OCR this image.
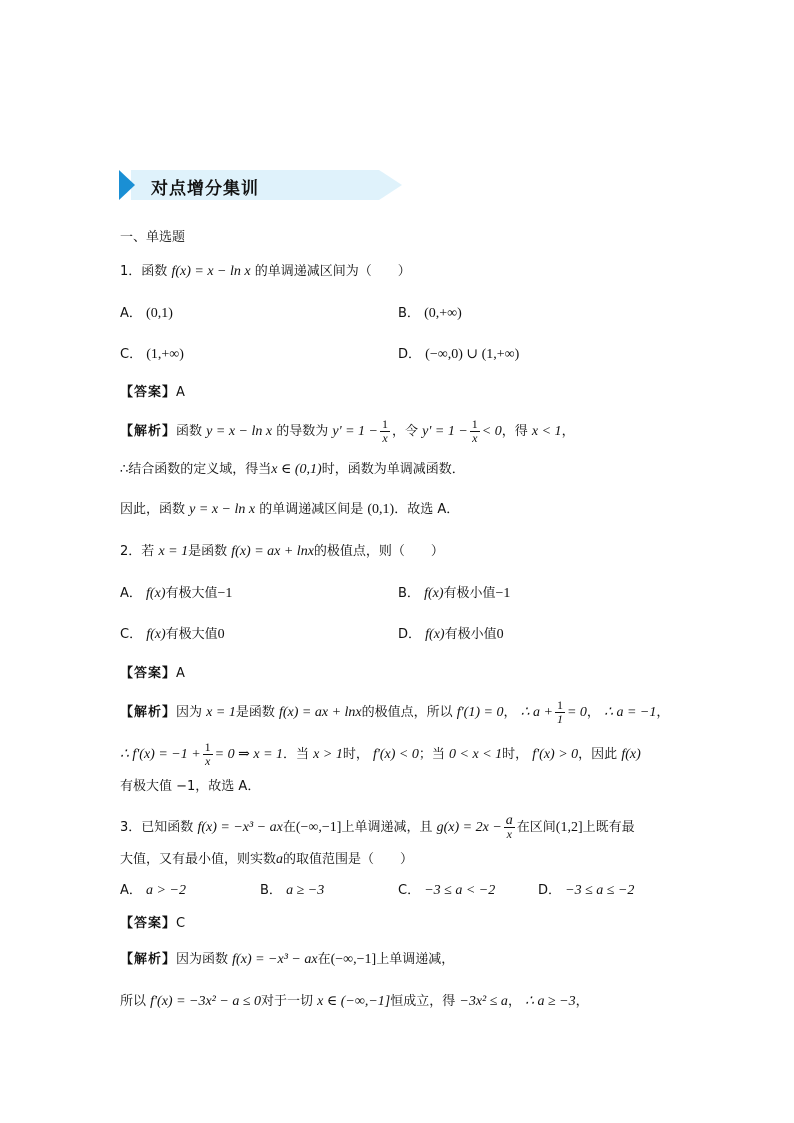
对点增分集训
一、单选题
1．函数 f(x) = x − ln x 的单调递减区间为（　　）
A． (0,1)	B． (0,+∞)
C． (1,+∞)	D． (−∞,0) ∪ (1,+∞)
【答案】A
【解析】函数 y = x − ln x 的导数为 $y' = 1 - \frac{1}{x}$ ，令 $y' = 1 - \frac{1}{x} < 0$，得 x < 1，
∴结合函数的定义域，得当x ∈ (0,1)时，函数为单调减函数．
因此，函数 y = x − ln x 的单调递减区间是 (0,1)．故选 A．
2．若 x = 1是函数 f(x) = ax + lnx的极值点，则（　　）
A． f(x)有极大值−1	B． f(x)有极小值−1
C． f(x)有极大值0	D． f(x)有极小值0
【答案】A
【解析】因为 x = 1是函数 f(x) = ax + lnx的极值点，所以 f'(1) = 0， ∴ $a + \frac{1}{1} = 0$， ∴ a = −1，
∴ $f'(x) = -1 + \frac{1}{x} = 0$ ⇒ x = 1．当 x > 1时， f'(x) < 0；当 0 < x < 1时， f'(x) > 0，因此 f(x)
有极大值 −1，故选 A．
3．已知函数 f(x) = −x³ − ax在(−∞,−1]上单调递减，且 $g(x) = 2x - \frac{a}{x}$ 在区间(1,2]上既有最
大值，又有最小值，则实数a的取值范围是（　　）
A． a > −2	B． a ≥ −3	C． −3 ≤ a < −2	D． −3 ≤ a ≤ −2
【答案】C
【解析】因为函数 f(x) = −x³ − ax在(−∞,−1]上单调递减，
所以 f'(x) = −3x² − a ≤ 0对于一切 x ∈ (−∞,−1]恒成立，得 −3x² ≤ a， ∴ a ≥ −3，
